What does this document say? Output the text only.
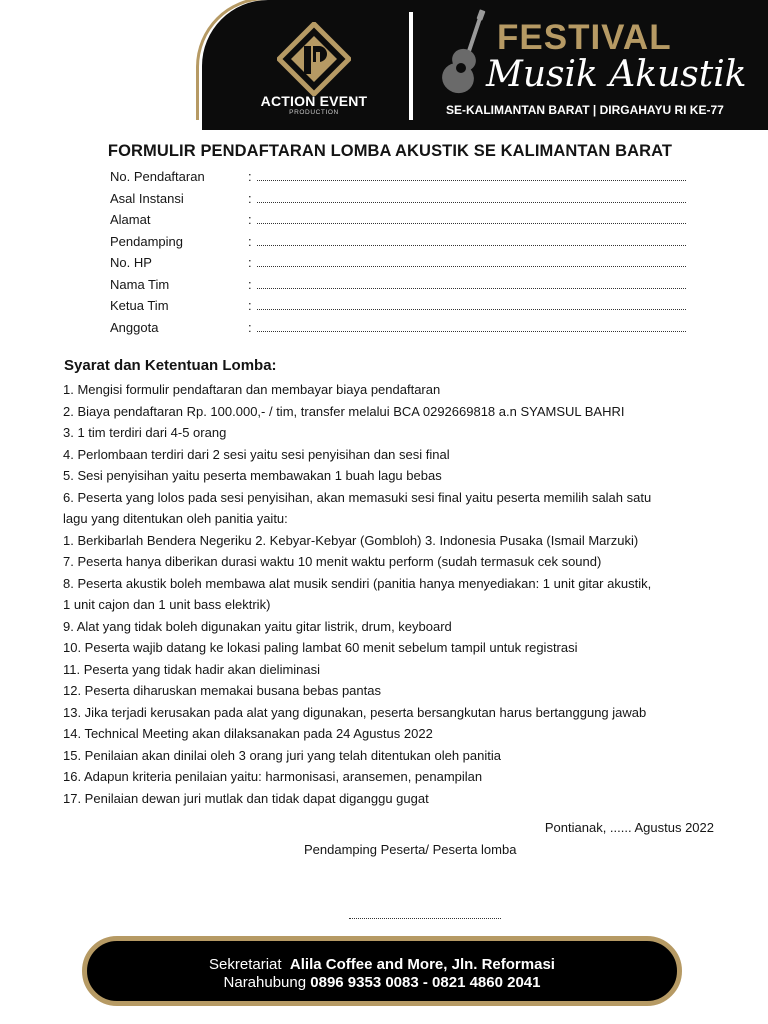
ACTION EVENT
PRODUCTION
FESTIVAL
Musik Akustik
SE-KALIMANTAN BARAT | DIRGAHAYU RI KE-77
FORMULIR PENDAFTARAN LOMBA AKUSTIK SE KALIMANTAN BARAT
No. Pendaftaran	:
Asal Instansi	:
Alamat	:
Pendamping	:
No. HP	:
Nama Tim	:
Ketua Tim	:
Anggota	:
Syarat dan Ketentuan Lomba:
1. Mengisi formulir pendaftaran dan membayar biaya pendaftaran
2. Biaya pendaftaran Rp. 100.000,- / tim, transfer melalui BCA 0292669818 a.n SYAMSUL BAHRI
3. 1 tim terdiri dari 4-5 orang
4. Perlombaan terdiri dari 2 sesi yaitu sesi penyisihan dan sesi final
5. Sesi penyisihan yaitu peserta membawakan 1 buah lagu bebas
6. Peserta yang lolos pada sesi penyisihan, akan memasuki sesi final yaitu peserta memilih salah satu
lagu yang ditentukan oleh panitia yaitu:
1. Berkibarlah Bendera Negeriku 2. Kebyar-Kebyar (Gombloh) 3. Indonesia Pusaka (Ismail Marzuki)
7. Peserta hanya diberikan durasi waktu 10 menit waktu perform (sudah termasuk cek sound)
8. Peserta akustik boleh membawa alat musik sendiri (panitia hanya menyediakan: 1 unit gitar akustik,
1 unit cajon dan 1 unit bass elektrik)
9. Alat yang tidak boleh digunakan yaitu gitar listrik, drum, keyboard
10. Peserta wajib datang ke lokasi paling lambat 60 menit sebelum tampil untuk registrasi
11. Peserta yang tidak hadir akan dieliminasi
12. Peserta diharuskan memakai busana bebas pantas
13. Jika terjadi kerusakan pada alat yang digunakan, peserta bersangkutan harus bertanggung jawab
14. Technical Meeting akan dilaksanakan pada 24 Agustus 2022
15. Penilaian akan dinilai oleh 3 orang juri yang telah ditentukan oleh panitia
16. Adapun kriteria penilaian yaitu: harmonisasi, aransemen, penampilan
17. Penilaian dewan juri mutlak dan tidak dapat diganggu gugat
Pontianak, ...... Agustus 2022
Pendamping Peserta/ Peserta lomba
Sekretariat Alila Coffee and More, Jln. Reformasi
Narahubung 0896 9353 0083 - 0821 4860 2041
